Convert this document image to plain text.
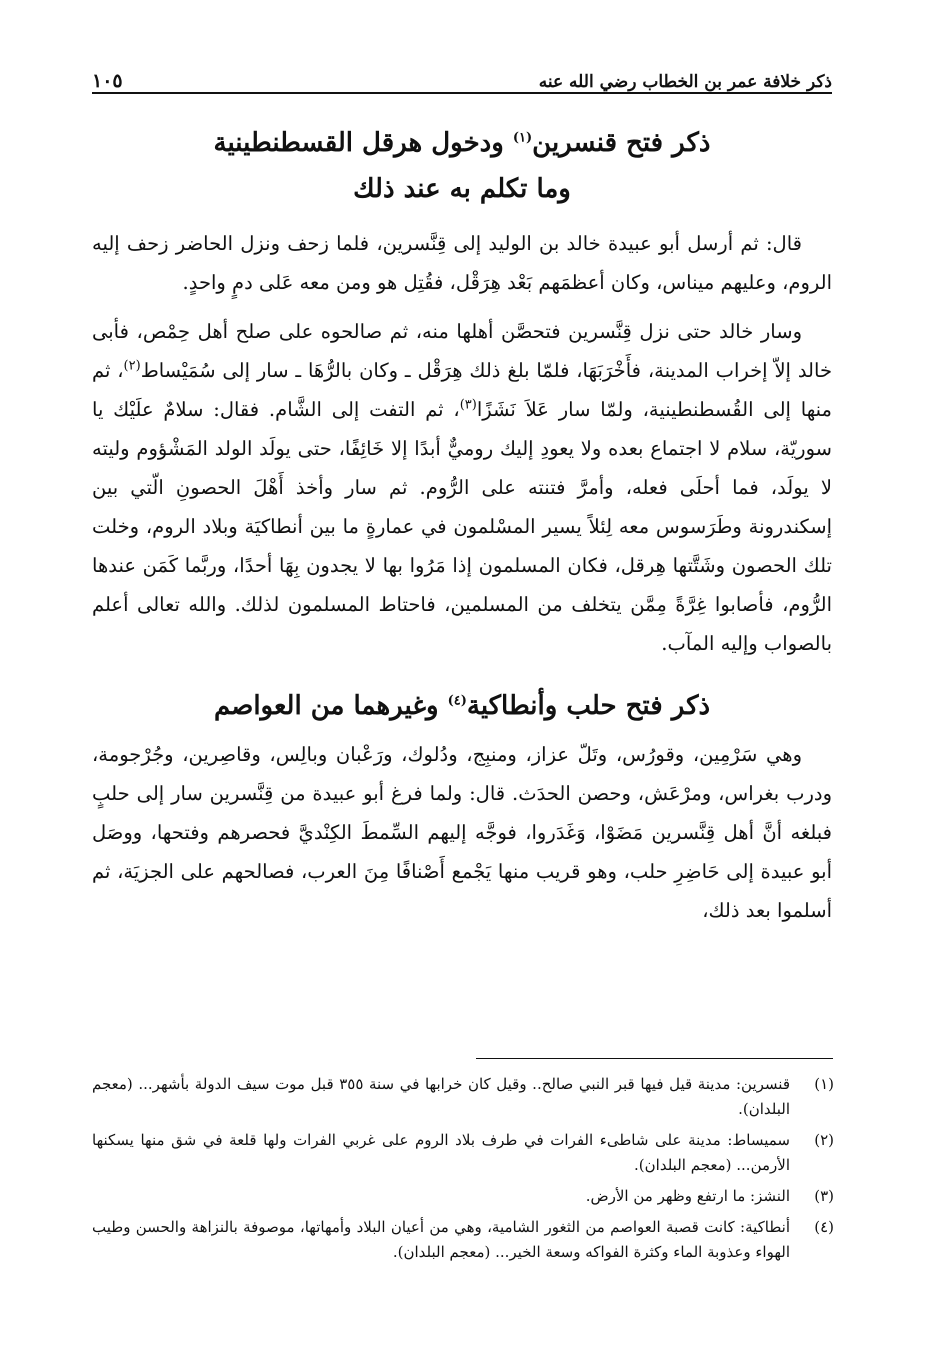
ذكر خلافة عمر بن الخطاب رضي الله عنه
١٠٥
ذكر فتح قنسرين$^{(١)}$ ودخول هرقل القسطنطينية
وما تكلم به عند ذلك

قال: ثم أرسل أبو عبيدة خالد بن الوليد إلى قِنَّسرين، فلما زحف ونزل الحاضر زحف إليه الروم، وعليهم ميناس، وكان أعظمَهم بَعْد هِرَقْل، فقُتِل هو ومن معه عَلى دمٍ واحدٍ.

وسار خالد حتى نزل قِنَّسرين فتحصَّن أهلها منه، ثم صالحوه على صلح أهل حِمْص، فأبى خالد إلاّ إخراب المدينة، فأَخْرَبَهَا، فلمّا بلغ ذلك هِرَقْل ـ وكان بالرُّهَا ـ سار إلى سُمَيْساط$^{(٢)}$، ثم منها إلى القُسطنطينية، ولمّا سار عَلاَ نَشَزًا$^{(٣)}$، ثم التفت إلى الشَّام. فقال: سلامٌ علَيْك يا سوريّة، سلام لا اجتماع بعده ولا يعودِ إليك روميٌّ أبدًا إلا خَائِفًا، حتى يولَد الولد المَشْؤوم وليته لا يولَد، فما أحلَى فعله، وأمرَّ فتنته على الرُّوم. ثم سار وأخذ أَهْلَ الحصونِ الّتي بين إسكندرونة وطَرَسوس معه لِئلاً يسير المسْلمون في عمارةٍ ما بين أنطاكيَة وبلاد الروم، وخلت تلك الحصون وشَتَّتها هِرقل، فكان المسلمون إذا مَرُوا بها لا يجدون بِهَا أحدًا، وربَّما كَمَن عندها الرُّوم، فأصابوا غِرَّةً مِمَّن يتخلف من المسلمين، فاحتاط المسلمون لذلك. والله تعالى أعلم بالصواب وإليه المآب.

ذكر فتح حلب وأنطاكية$^{(٤)}$ وغيرهما من العواصم

وهي سَرْمِين، وقورُس، وتَلّ عزاز، ومنبِج، ودُلوك، ورَعْبان وبالِس، وقاصِرين، وجُرْجومة، ودرب بغراس، ومرْعَش، وحصن الحدَث. قال: ولما فرغ أبو عبيدة من قِنَّسرين سار إلى حلبٍ فبلغه أنَّ أهل قِنَّسرين مَضَوْا، وَغَدَروا، فوجَّه إليهم السِّمطَ الكِنْديَّ فحصرهم وفتحها، ووصَل أبو عبيدة إلى حَاضِرِ حلب، وهو قريب منها يَجْمع أَصْنافًا مِنَ العرب، فصالحهم على الجزيَة، ثم أسلموا بعد ذلك،

(١)
قنسرين: مدينة قيل فيها قبر النبي صالح.. وقيل كان خرابها في سنة ٣٥٥ قبل موت سيف الدولة بأشهر... (معجم البلدان).
(٢)
سميساط: مدينة على شاطىء الفرات في طرف بلاد الروم على غربي الفرات ولها قلعة في شق منها يسكنها الأرمن... (معجم البلدان).
(٣)
النشز: ما ارتفع وظهر من الأرض.
(٤)
أنطاكية: كانت قصبة العواصم من الثغور الشامية، وهي من أعيان البلاد وأمهاتها، موصوفة بالنزاهة والحسن وطيب الهواء وعذوبة الماء وكثرة الفواكه وسعة الخير... (معجم البلدان).
